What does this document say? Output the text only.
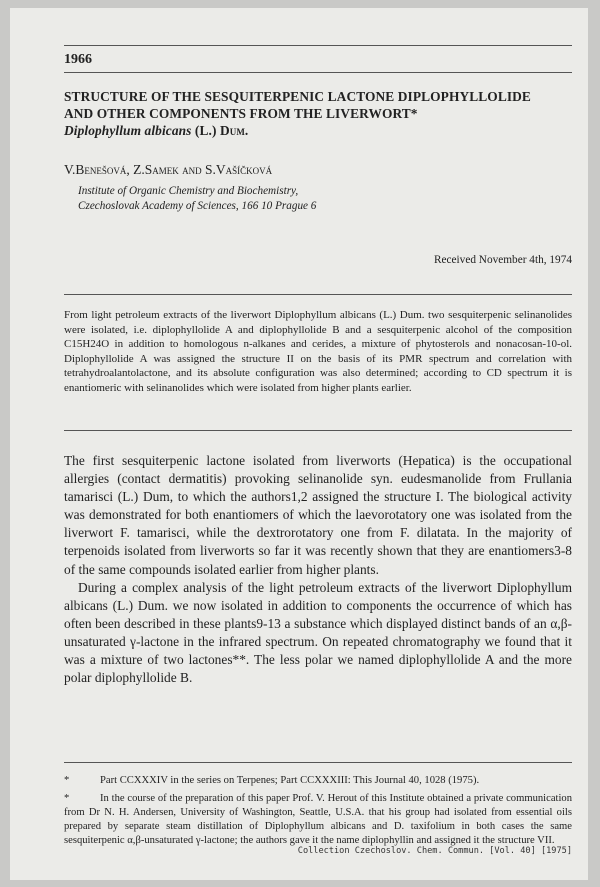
1966
STRUCTURE OF THE SESQUITERPENIC LACTONE DIPLOPHYLLOLIDE
AND OTHER COMPONENTS FROM THE LIVERWORT*
Diplophyllum albicans (L.) Dum.
V.Benešová, Z.Samek and S.Vašíčková
Institute of Organic Chemistry and Biochemistry,
Czechoslovak Academy of Sciences, 166 10 Prague 6
Received November 4th, 1974
From light petroleum extracts of the liverwort Diplophyllum albicans (L.) Dum. two sesquiterpenic selinanolides were isolated, i.e. diplophyllolide A and diplophyllolide B and a sesquiterpenic alcohol of the composition C15H24O in addition to homologous n-alkanes and cerides, a mixture of phytosterols and nonacosan-10-ol. Diplophyllolide A was assigned the structure II on the basis of its PMR spectrum and correlation with tetrahydroalantolactone, and its absolute configuration was also determined; according to CD spectrum it is enantiomeric with selinanolides which were isolated from higher plants earlier.

The first sesquiterpenic lactone isolated from liverworts (Hepatica) is the occupational allergies (contact dermatitis) provoking selinanolide syn. eudesmanolide from Frullania tamarisci (L.) Dum, to which the authors1,2 assigned the structure I. The biological activity was demonstrated for both enantiomers of which the laevorotatory one was isolated from the liverwort F. tamarisci, while the dextrorotatory one from F. dilatata. In the majority of terpenoids isolated from liverworts so far it was recently shown that they are enantiomers3-8 of the same compounds isolated earlier from higher plants.

During a complex analysis of the light petroleum extracts of the liverwort Diplophyllum albicans (L.) Dum. we now isolated in addition to components the occurrence of which has often been described in these plants9-13 a substance which displayed distinct bands of an α,β-unsaturated γ-lactone in the infrared spectrum. On repeated chromatography we found that it was a mixture of two lactones**. The less polar we named diplophyllolide A and the more polar diplophyllolide B.

*	Part CCXXXIV in the series on Terpenes; Part CCXXXIII: This Journal 40, 1028 (1975).
*	In the course of the preparation of this paper Prof. V. Herout of this Institute obtained a private communication from Dr N. H. Andersen, University of Washington, Seattle, U.S.A. that his group had isolated from essential oils prepared by separate steam distillation of Diplophyllum albicans and D. taxifolium in both cases the same sesquiterpenic α,β-unsaturated γ-lactone; the authors gave it the name diplophyllin and assigned it the structure VII.
Collection Czechoslov. Chem. Commun. [Vol. 40] [1975]
